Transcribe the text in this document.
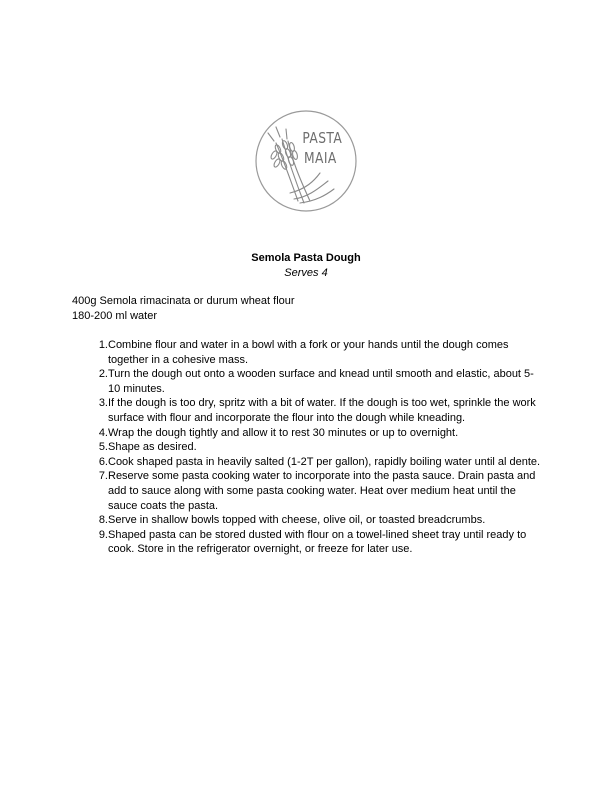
PASTA
MAIA
Semola Pasta Dough
Serves 4
400g Semola rimacinata or durum wheat flour
180-200 ml water
1. Combine flour and water in a bowl with a fork or your hands until the dough comes together in a cohesive mass.
2. Turn the dough out onto a wooden surface and knead until smooth and elastic, about 5-10 minutes.
3. If the dough is too dry, spritz with a bit of water. If the dough is too wet, sprinkle the work surface with flour and incorporate the flour into the dough while kneading.
4. Wrap the dough tightly and allow it to rest 30 minutes or up to overnight.
5. Shape as desired.
6. Cook shaped pasta in heavily salted (1-2T per gallon), rapidly boiling water until al dente.
7. Reserve some pasta cooking water to incorporate into the pasta sauce. Drain pasta and add to sauce along with some pasta cooking water. Heat over medium heat until the sauce coats the pasta.
8. Serve in shallow bowls topped with cheese, olive oil, or toasted breadcrumbs.
9. Shaped pasta can be stored dusted with flour on a towel-lined sheet tray until ready to cook. Store in the refrigerator overnight, or freeze for later use.
